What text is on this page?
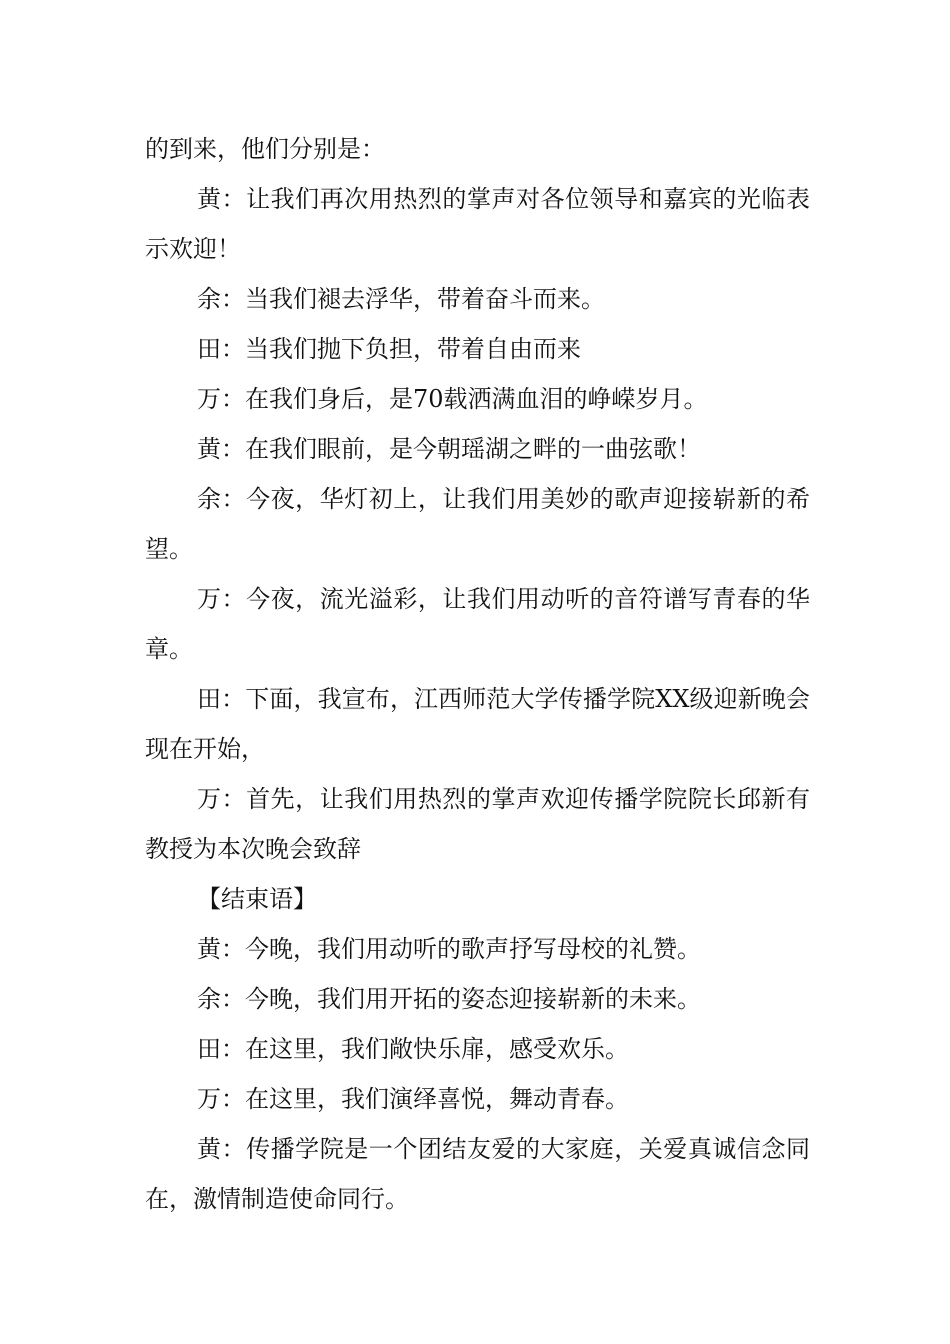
的到来，他们分别是：

黄：让我们再次用热烈的掌声对各位领导和嘉宾的光临表示欢迎！

余：当我们褪去浮华，带着奋斗而来。

田：当我们抛下负担，带着自由而来

万：在我们身后，是70载洒满血泪的峥嵘岁月。

黄：在我们眼前，是今朝瑶湖之畔的一曲弦歌！

余：今夜，华灯初上，让我们用美妙的歌声迎接崭新的希望。

万：今夜，流光溢彩，让我们用动听的音符谱写青春的华章。

田：下面，我宣布，江西师范大学传播学院XX级迎新晚会现在开始，

万：首先，让我们用热烈的掌声欢迎传播学院院长邱新有教授为本次晚会致辞

【结束语】

黄：今晚，我们用动听的歌声抒写母校的礼赞。

余：今晚，我们用开拓的姿态迎接崭新的未来。

田：在这里，我们敞快乐扉，感受欢乐。

万：在这里，我们演绎喜悦，舞动青春。

黄：传播学院是一个团结友爱的大家庭，关爱真诚信念同在，激情制造使命同行。
